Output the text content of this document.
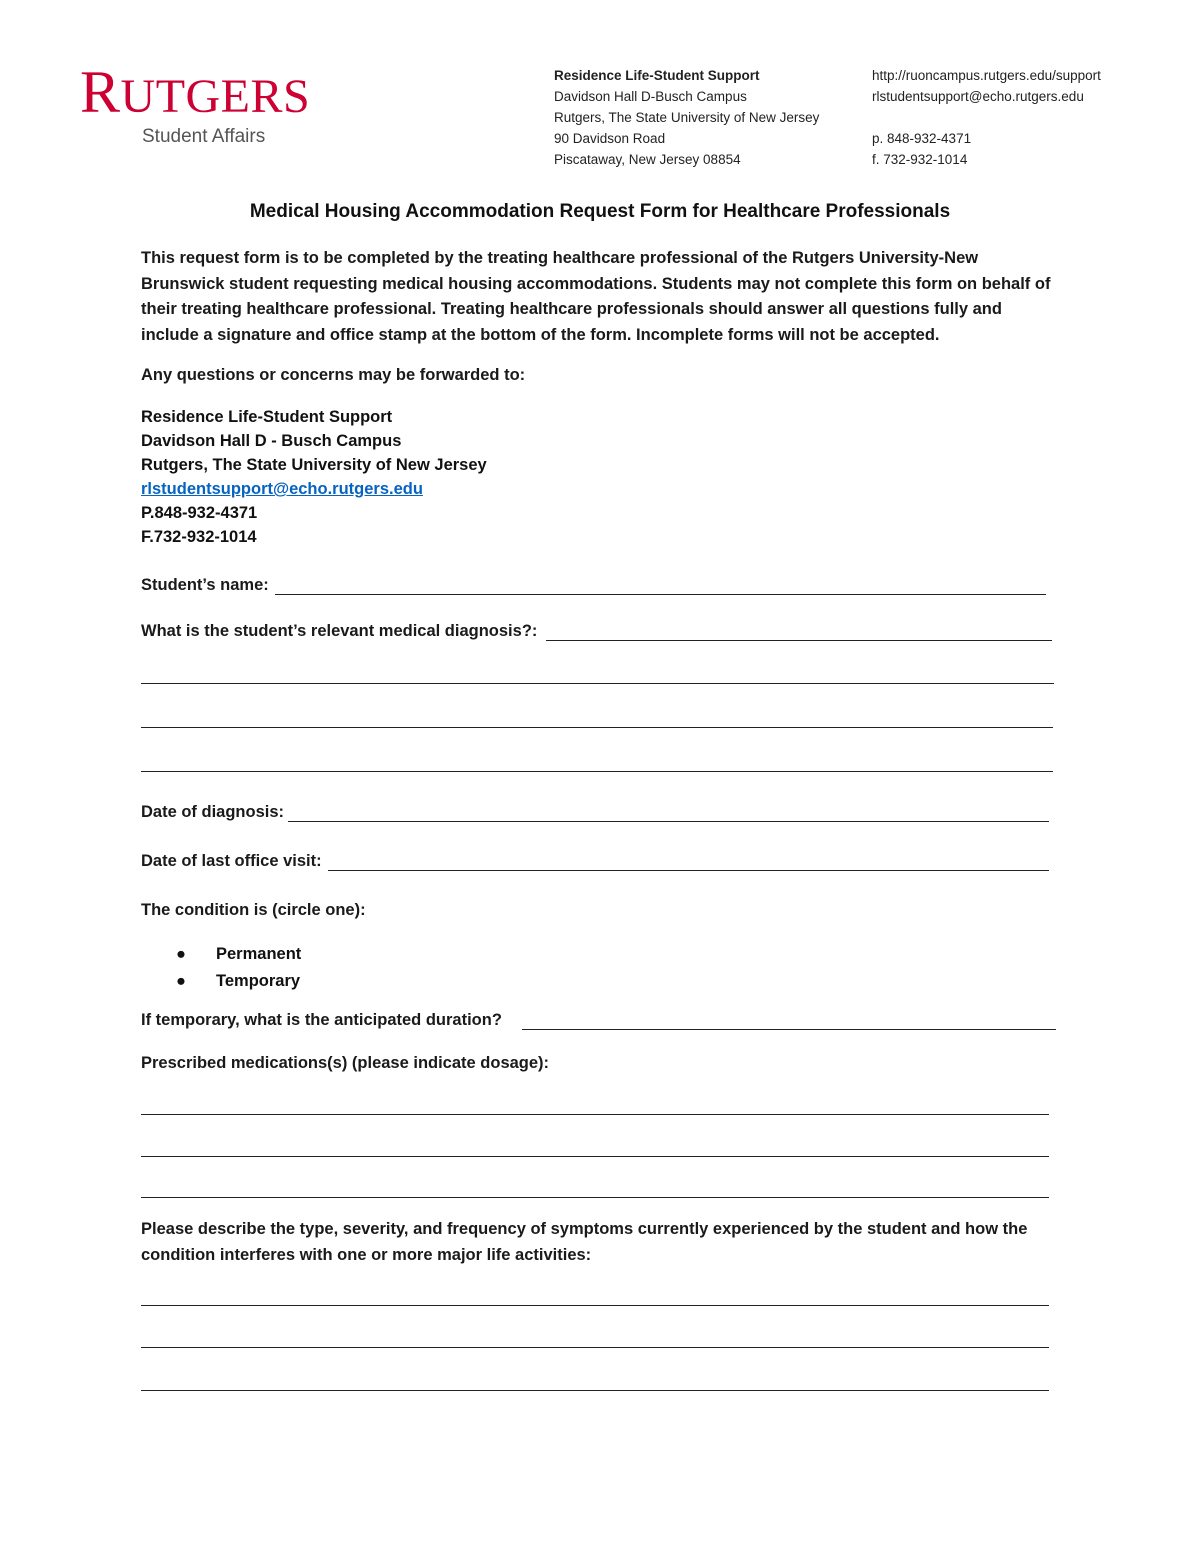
RUTGERS
Student Affairs
Residence Life-Student Support
Davidson Hall D-Busch Campus
Rutgers, The State University of New Jersey
90 Davidson Road
Piscataway, New Jersey 08854
http://ruoncampus.rutgers.edu/support
rlstudentsupport@echo.rutgers.edu
p. 848-932-4371
f. 732-932-1014
Medical Housing Accommodation Request Form for Healthcare Professionals
This request form is to be completed by the treating healthcare professional of the Rutgers University-New Brunswick student requesting medical housing accommodations. Students may not complete this form on behalf of their treating healthcare professional. Treating healthcare professionals should answer all questions fully and include a signature and office stamp at the bottom of the form. Incomplete forms will not be accepted.
Any questions or concerns may be forwarded to:
Residence Life-Student Support
Davidson Hall D - Busch Campus
Rutgers, The State University of New Jersey
rlstudentsupport@echo.rutgers.edu
P.848-932-4371
F.732-932-1014
Student’s name:
What is the student’s relevant medical diagnosis?:
Date of diagnosis:
Date of last office visit:
The condition is (circle one):
● Permanent
● Temporary
If temporary, what is the anticipated duration?
Prescribed medications(s) (please indicate dosage):
Please describe the type, severity, and frequency of symptoms currently experienced by the student and how the condition interferes with one or more major life activities:
